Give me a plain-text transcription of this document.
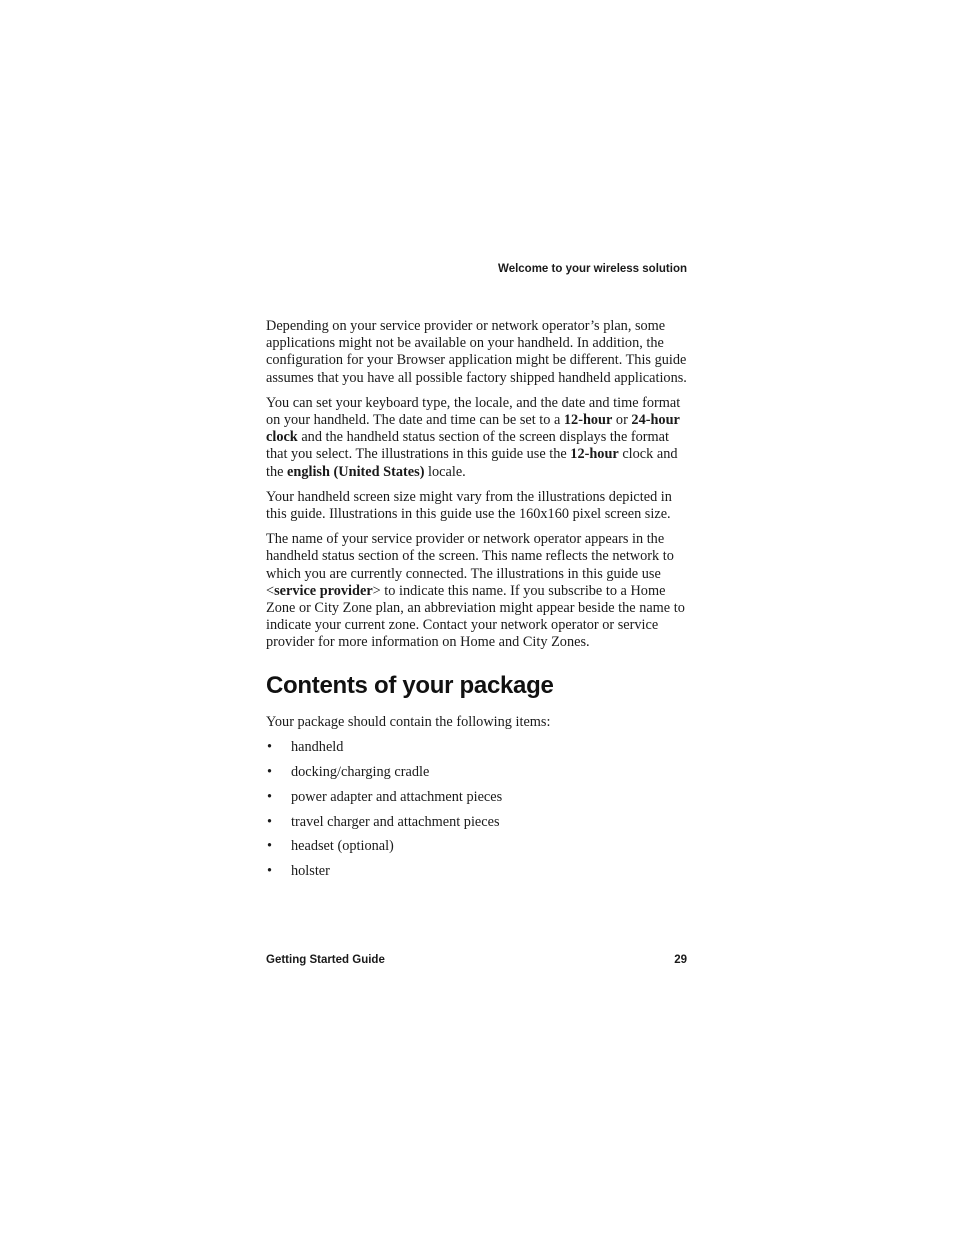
Welcome to your wireless solution

Depending on your service provider or network operator’s plan, some applications might not be available on your handheld. In addition, the configuration for your Browser application might be different. This guide assumes that you have all possible factory shipped handheld applications.

You can set your keyboard type, the locale, and the date and time format on your handheld. The date and time can be set to a 12-hour or 24-hour clock and the handheld status section of the screen displays the format that you select. The illustrations in this guide use the 12-hour clock and the english (United States) locale.

Your handheld screen size might vary from the illustrations depicted in this guide. Illustrations in this guide use the 160x160 pixel screen size.

The name of your service provider or network operator appears in the handheld status section of the screen. This name reflects the network to which you are currently connected. The illustrations in this guide use <service provider> to indicate this name. If you subscribe to a Home Zone or City Zone plan, an abbreviation might appear beside the name to indicate your current zone. Contact your network operator or service provider for more information on Home and City Zones.

Contents of your package

Your package should contain the following items:

• handheld
• docking/charging cradle
• power adapter and attachment pieces
• travel charger and attachment pieces
• headset (optional)
• holster
Getting Started Guide	29
